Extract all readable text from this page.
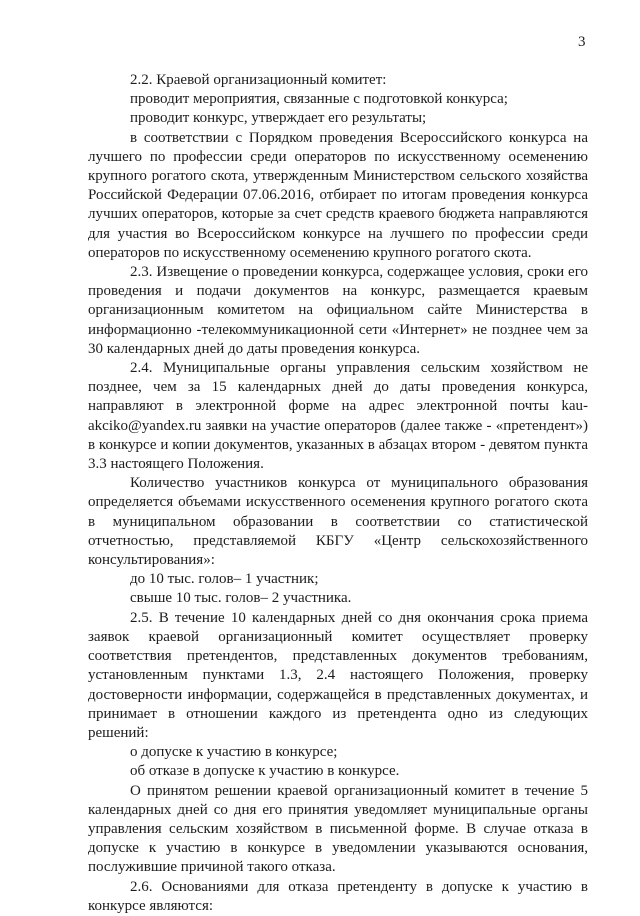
3

2.2. Краевой организационный комитет:

проводит мероприятия, связанные с подготовкой конкурса;

проводит конкурс, утверждает его результаты;

в соответствии с Порядком проведения Всероссийского конкурса на лучшего по профессии среди операторов по искусственному осеменению крупного рогатого скота, утвержденным Министерством сельского хозяйства Российской Федерации 07.06.2016, отбирает по итогам проведения конкурса лучших операторов, которые за счет средств краевого бюджета направляются для участия во Всероссийском конкурсе на лучшего по профессии среди операторов по искусственному осеменению крупного рогатого скота.

2.3. Извещение о проведении конкурса, содержащее условия, сроки его проведения и подачи документов на конкурс, размещается краевым организационным комитетом на официальном сайте Министерства в информационно -телекоммуникационной сети «Интернет» не позднее чем за 30 календарных дней до даты проведения конкурса.

2.4. Муниципальные органы управления сельским хозяйством не позднее, чем за 15 календарных дней до даты проведения конкурса, направляют в электронной форме на адрес электронной почты kau-akciko@yandex.ru заявки на участие операторов (далее также - «претендент») в конкурсе и копии документов, указанных в абзацах втором - девятом пункта 3.3 настоящего Положения.

Количество участников конкурса от муниципального образования определяется объемами искусственного осеменения крупного рогатого скота в муниципальном образовании в соответствии со статистической отчетностью, представляемой КБГУ «Центр сельскохозяйственного консультирования»:

до 10 тыс. голов– 1 участник;

свыше 10 тыс. голов– 2 участника.

2.5. В течение 10 календарных дней со дня окончания срока приема заявок краевой организационный комитет осуществляет проверку соответствия претендентов, представленных документов требованиям, установленным пунктами 1.3, 2.4 настоящего Положения, проверку достоверности информации, содержащейся в представленных документах, и принимает в отношении каждого из претендента одно из следующих решений:

о допуске к участию в конкурсе;

об отказе в допуске к участию в конкурсе.

О принятом решении краевой организационный комитет в течение 5 календарных дней со дня его принятия уведомляет муниципальные органы управления сельским хозяйством в письменной форме. В случае отказа в допуске к участию в конкурсе в уведомлении указываются основания, послужившие причиной такого отказа.

2.6. Основаниями для отказа претенденту в допуске к участию в конкурсе являются:
